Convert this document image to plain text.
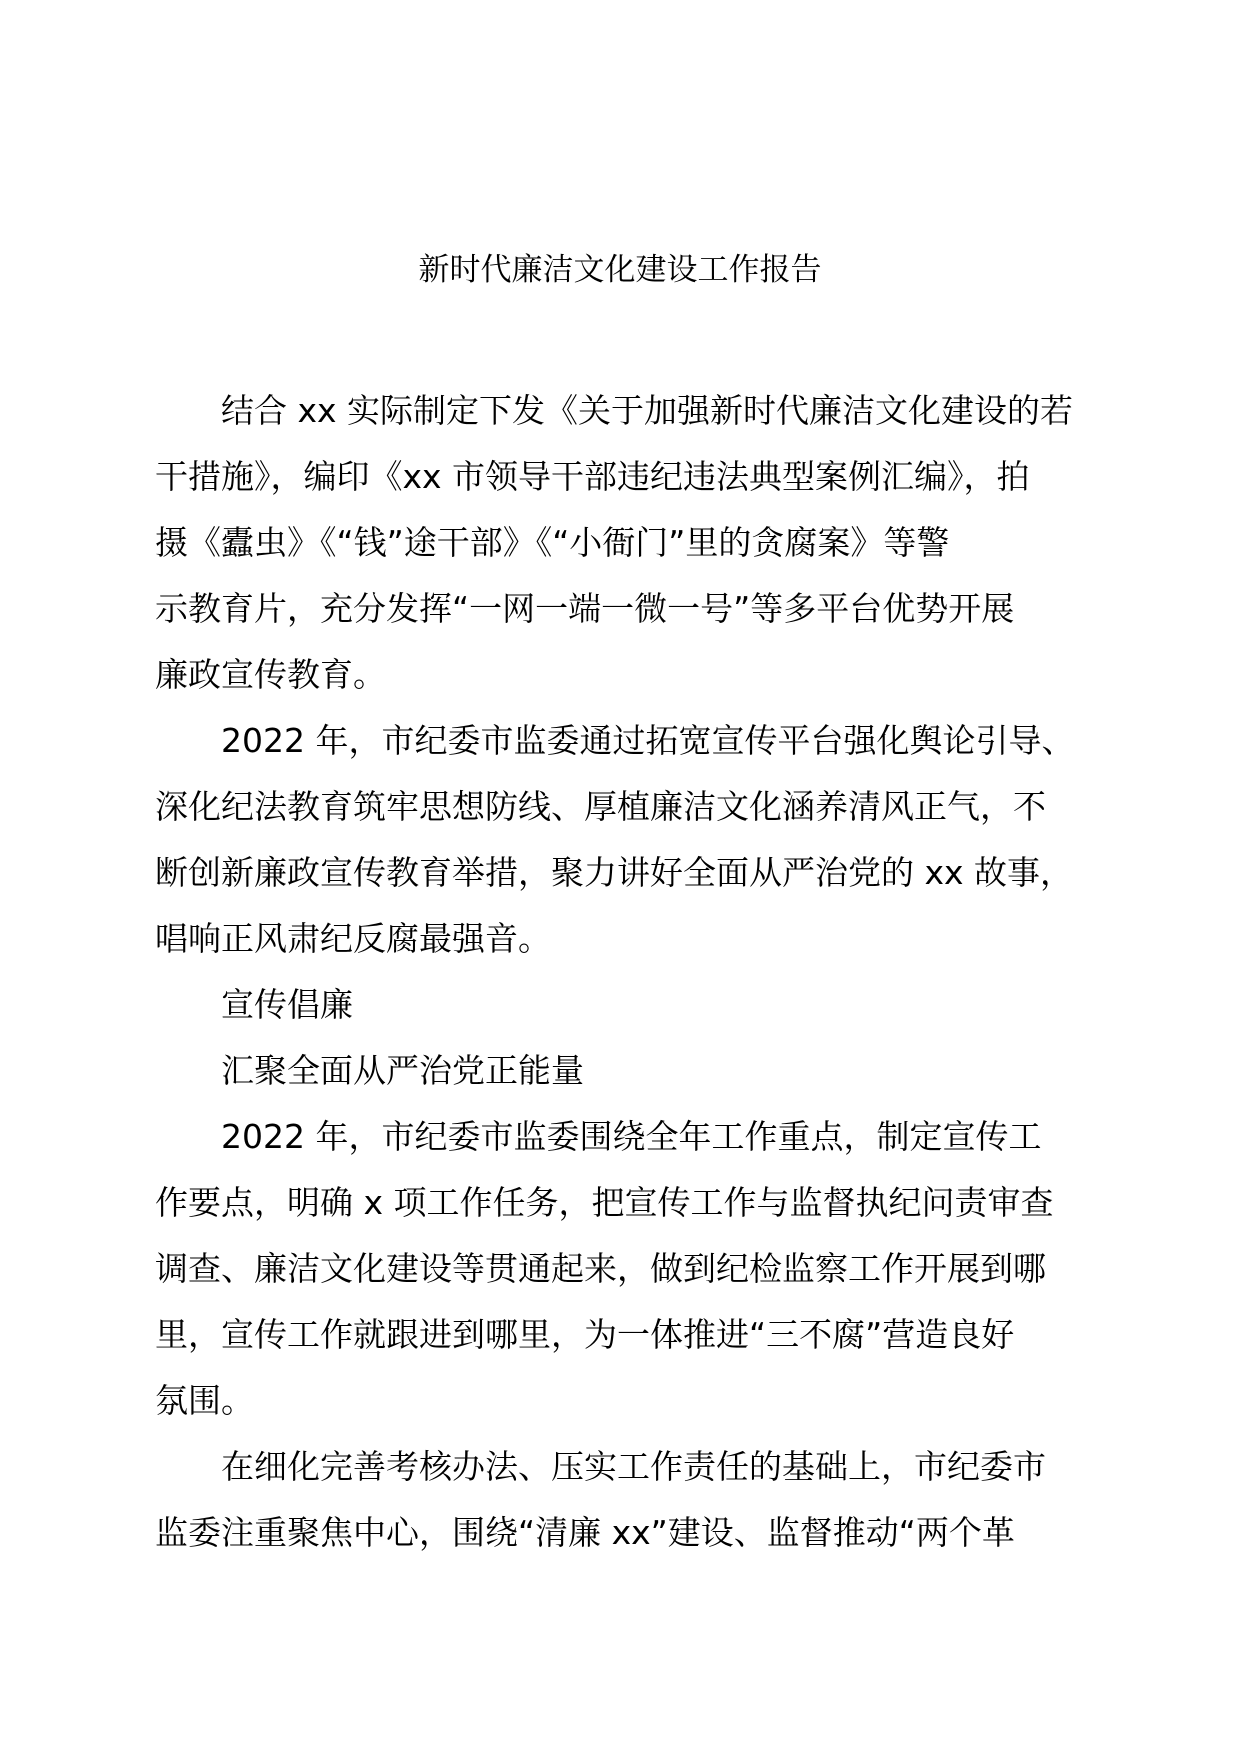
新时代廉洁文化建设工作报告

结合 xx 实际制定下发《关于加强新时代廉洁文化建设的若
干措施》，编印《xx 市领导干部违纪违法典型案例汇编》，拍
摄《蠹虫》《“钱”途干部》《“小衙门”里的贪腐案》等警
示教育片，充分发挥“一网一端一微一号”等多平台优势开展
廉政宣传教育。

2022 年，市纪委市监委通过拓宽宣传平台强化舆论引导、
深化纪法教育筑牢思想防线、厚植廉洁文化涵养清风正气，不
断创新廉政宣传教育举措，聚力讲好全面从严治党的 xx 故事，
唱响正风肃纪反腐最强音。

宣传倡廉

汇聚全面从严治党正能量

2022 年，市纪委市监委围绕全年工作重点，制定宣传工
作要点，明确 x 项工作任务，把宣传工作与监督执纪问责审查
调查、廉洁文化建设等贯通起来，做到纪检监察工作开展到哪
里，宣传工作就跟进到哪里，为一体推进“三不腐”营造良好
氛围。

在细化完善考核办法、压实工作责任的基础上，市纪委市
监委注重聚焦中心，围绕“清廉 xx”建设、监督推动“两个革
